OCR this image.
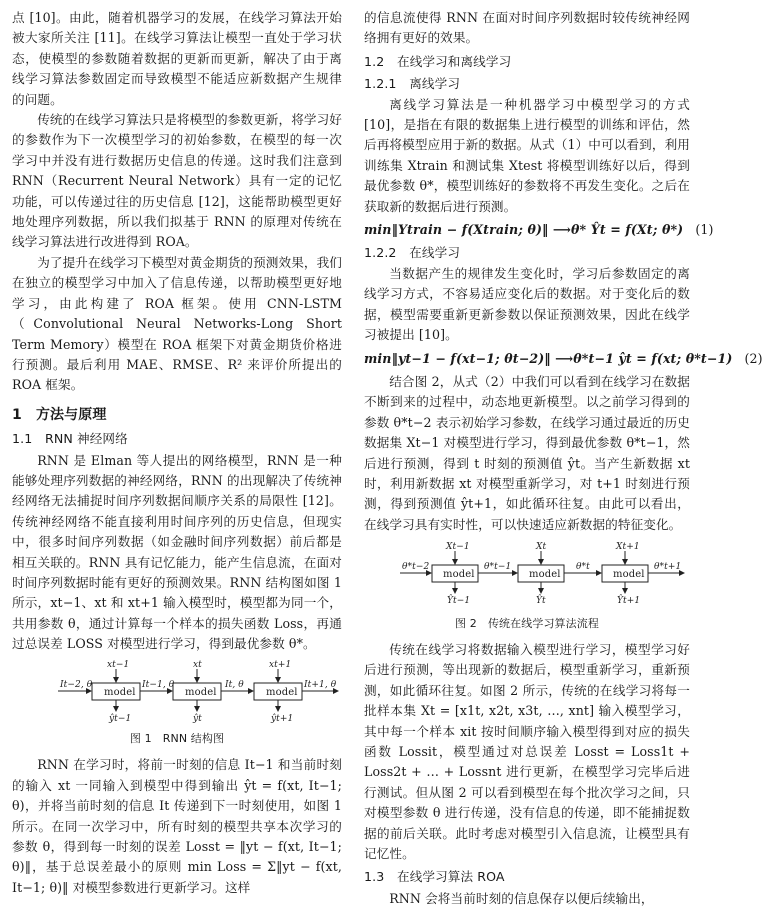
点 [10]。由此，随着机器学习的发展，在线学习算法开始被大家所关注 [11]。在线学习算法让模型一直处于学习状态，使模型的参数随着数据的更新而更新，解决了由于离线学习算法参数固定而导致模型不能适应新数据产生规律的问题。

传统的在线学习算法只是将模型的参数更新，将学习好的参数作为下一次模型学习的初始参数，在模型的每一次学习中并没有进行数据历史信息的传递。这时我们注意到 RNN（Recurrent Neural Network）具有一定的记忆功能，可以传递过往的历史信息 [12]，这能帮助模型更好地处理序列数据，所以我们拟基于 RNN 的原理对传统在线学习算法进行改进得到 ROA。

为了提升在线学习下模型对黄金期货的预测效果，我们在独立的模型学习中加入了信息传递，以帮助模型更好地学习，由此构建了 ROA 框架。使用 CNN-LSTM（Convolutional Neural Networks-Long Short Term Memory）模型在 ROA 框架下对黄金期货价格进行预测。最后利用 MAE、RMSE、R² 来评价所提出的 ROA 框架。

1　方法与原理
1.1　RNN 神经网络

RNN 是 Elman 等人提出的网络模型，RNN 是一种能够处理序列数据的神经网络，RNN 的出现解决了传统神经网络无法捕捉时间序列数据间顺序关系的局限性 [12]。传统神经网络不能直接利用时间序列的历史信息，但现实中，很多时间序列数据（如金融时间序列数据）前后都是相互关联的。RNN 具有记忆能力，能产生信息流，在面对时间序列数据时能有更好的预测效果。RNN 结构图如图 1 所示，xt−1、xt 和 xt+1 输入模型时，模型都为同一个，共用参数 θ，通过计算每一个样本的损失函数 Loss，再通过总误差 LOSS 对模型进行学习，得到最优参数 θ*。

model	model	model
xt−1	xt	xt+1
ŷt−1	ŷt	ŷt+1
It−2, θ	It−1, θ	It, θ	It+1, θ
图 1　RNN 结构图

RNN 在学习时，将前一时刻的信息 It−1 和当前时刻的输入 xt 一同输入到模型中得到输出 ŷt = f(xt, It−1; θ)，并将当前时刻的信息 It 传递到下一时刻使用，如图 1 所示。在同一次学习中，所有时刻的模型共享本次学习的参数 θ，得到每一时刻的误差 Losst = ‖yt − f(xt, It−1; θ)‖，基于总误差最小的原则 min Loss = Σ‖yt − f(xt, It−1; θ)‖ 对模型参数进行更新学习。这样

的信息流使得 RNN 在面对时间序列数据时较传统神经网络拥有更好的效果。

1.2　在线学习和离线学习
1.2.1　离线学习

离线学习算法是一种机器学习中模型学习的方式 [10]，是指在有限的数据集上进行模型的训练和评估，然后再将模型应用于新的数据。从式（1）中可以看到，利用训练集 Xtrain 和测试集 Xtest 将模型训练好以后，得到最优参数 θ*，模型训练好的参数将不再发生变化。之后在获取新的数据后进行预测。

min‖Ytrain − f(Xtrain; θ)‖ ⟶θ* Ŷt = f(Xt; θ*) (1)
1.2.2　在线学习

当数据产生的规律发生变化时，学习后参数固定的离线学习方式，不容易适应变化后的数据。对于变化后的数据，模型需要重新更新参数以保证预测效果，因此在线学习被提出 [10]。

min‖yt−1 − f(xt−1; θt−2)‖ ⟶θ*t−1 ŷt = f(xt; θ*t−1) (2)

结合图 2，从式（2）中我们可以看到在线学习在数据不断到来的过程中，动态地更新模型。以之前学习得到的参数 θ*t−2 表示初始学习参数，在线学习通过最近的历史数据集 Xt−1 对模型进行学习，得到最优参数 θ*t−1，然后进行预测，得到 t 时刻的预测值 ŷt。当产生新数据 xt 时，利用新数据 xt 对模型重新学习，对 t+1 时刻进行预测，得到预测值 ŷt+1，如此循环往复。由此可以看出，在线学习具有实时性，可以快速适应新数据的特征变化。

model	model	model
Xt−1	Xt	Xt+1
Ŷt−1	Ŷt	Ŷt+1
θ*t−2	θ*t−1	θ*t	θ*t+1
图 2　传统在线学习算法流程

传统在线学习将数据输入模型进行学习，模型学习好后进行预测，等出现新的数据后，模型重新学习，重新预测，如此循环往复。如图 2 所示，传统的在线学习将每一批样本集 Xt = [x1t, x2t, x3t, …, xnt] 输入模型学习，其中每一个样本 xit 按时间顺序输入模型得到对应的损失函数 Lossit，模型通过对总误差 Losst = Loss1t + Loss2t + … + Lossnt 进行更新，在模型学习完毕后进行测试。但从图 2 可以看到模型在每个批次学习之间，只对模型参数 θ 进行传递，没有信息的传递，即不能捕捉数据的前后关联。此时考虑对模型引入信息流，让模型具有记忆性。

1.3　在线学习算法 ROA

RNN 会将当前时刻的信息保存以便后续输出，
